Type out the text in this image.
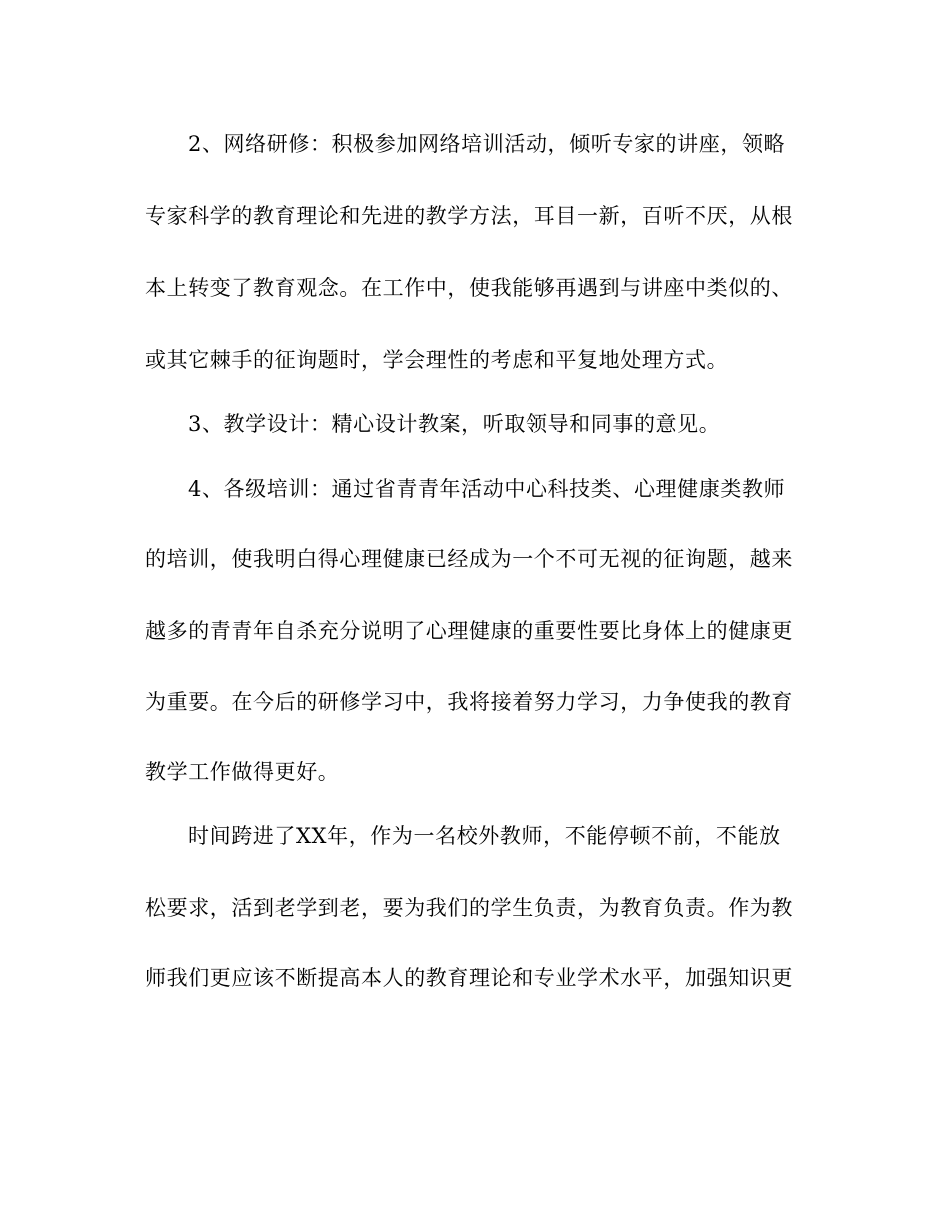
2、网络研修：积极参加网络培训活动，倾听专家的讲座，领略
专家科学的教育理论和先进的教学方法，耳目一新，百听不厌，从根
本上转变了教育观念。在工作中，使我能够再遇到与讲座中类似的、
或其它棘手的征询题时，学会理性的考虑和平复地处理方式。
3、教学设计：精心设计教案，听取领导和同事的意见。
4、各级培训：通过省青青年活动中心科技类、心理健康类教师
的培训，使我明白得心理健康已经成为一个不可无视的征询题，越来
越多的青青年自杀充分说明了心理健康的重要性要比身体上的健康更
为重要。在今后的研修学习中，我将接着努力学习，力争使我的教育
教学工作做得更好。
时间跨进了XX年，作为一名校外教师，不能停顿不前，不能放
松要求，活到老学到老，要为我们的学生负责，为教育负责。作为教
师我们更应该不断提高本人的教育理论和专业学术水平，加强知识更
